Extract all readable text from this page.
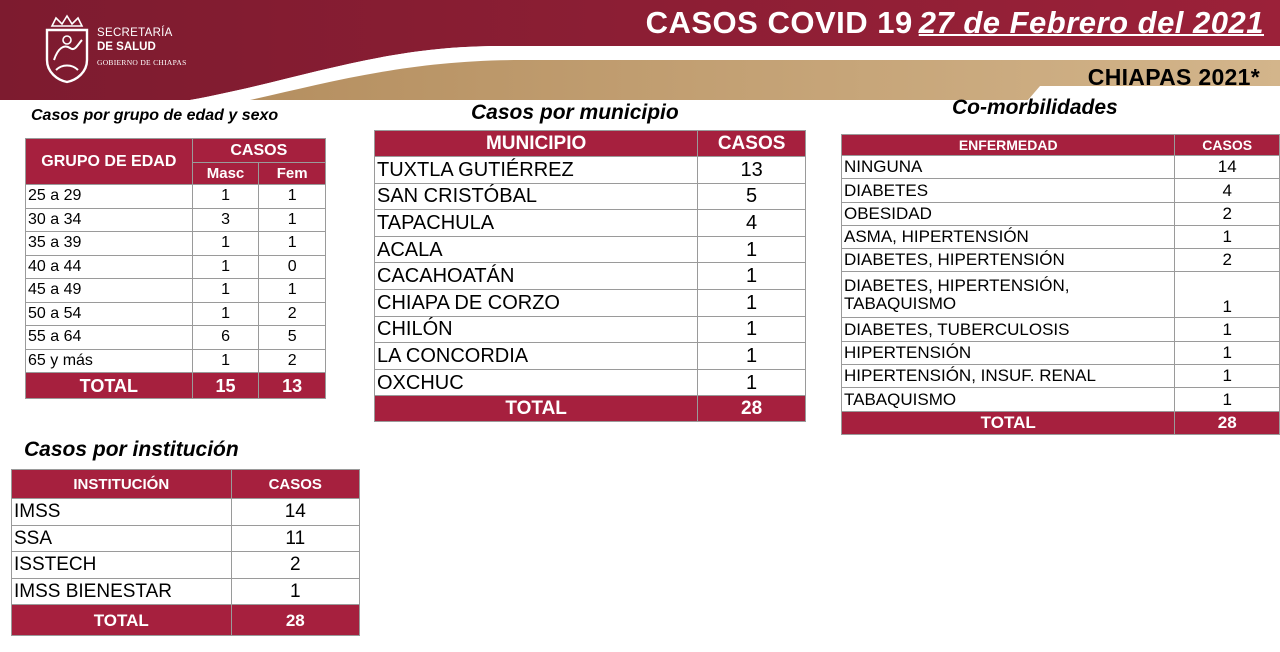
SECRETARÍA
DE SALUD
GOBIERNO DE CHIAPAS
CASOS COVID 19 27 de Febrero del 2021
CHIAPAS 2021*
Casos por grupo de edad y sexo	Casos por municipio	Co-morbilidades
Casos por institución
GRUPO DE EDAD	CASOS	
	Masc	Fem
25 a 29	1	1
30 a 34	3	1
35 a 39	1	1
40 a 44	1	0
45 a 49	1	1
50 a 54	1	2
55 a 64	6	5
65 y más	1	2
TOTAL	15	13
MUNICIPIO	CASOS
TUXTLA GUTIÉRREZ	13
SAN CRISTÓBAL	5
TAPACHULA	4
ACALA	1
CACAHOATÁN	1
CHIAPA DE CORZO	1
CHILÓN	1
LA CONCORDIA	1
OXCHUC	1
TOTAL	28
ENFERMEDAD	CASOS
NINGUNA	14
DIABETES	4
OBESIDAD	2
ASMA, HIPERTENSIÓN	1
DIABETES, HIPERTENSIÓN	2
DIABETES, HIPERTENSIÓN,
TABAQUISMO	1
DIABETES, TUBERCULOSIS	1
HIPERTENSIÓN	1
HIPERTENSIÓN, INSUF. RENAL	1
TABAQUISMO	1
TOTAL	28
INSTITUCIÓN	CASOS
IMSS	14
SSA	11
ISSTECH	2
IMSS BIENESTAR	1
TOTAL	28
